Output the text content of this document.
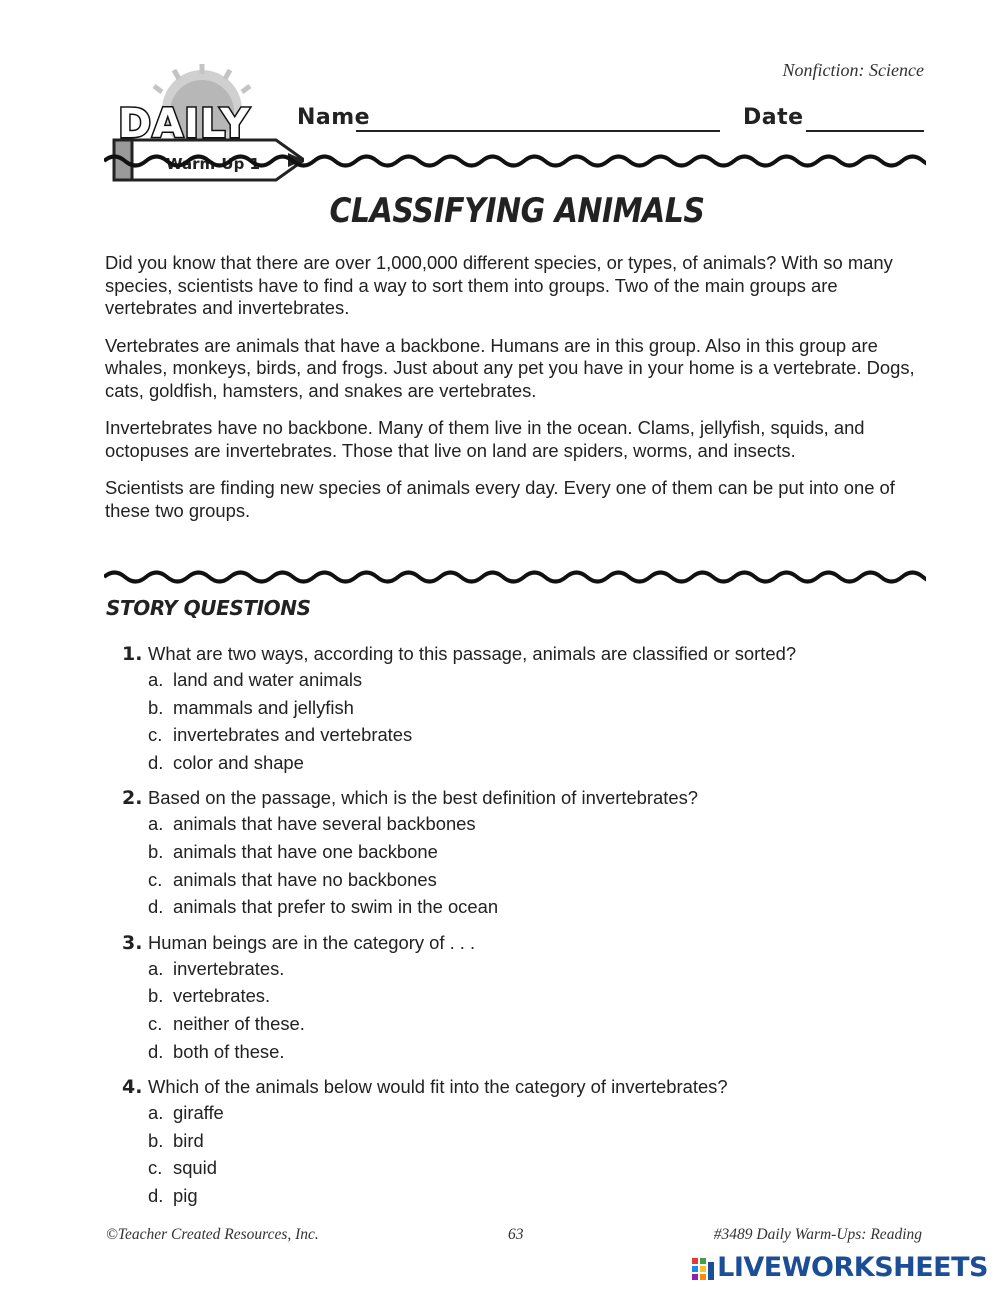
Nonfiction: Science
DAILY
Warm-Up 1
Name	Date
CLASSIFYING ANIMALS

Did you know that there are over 1,000,000 different species, or types, of animals? With so many species, scientists have to find a way to sort them into groups. Two of the main groups are vertebrates and invertebrates.

Vertebrates are animals that have a backbone. Humans are in this group. Also in this group are whales, monkeys, birds, and frogs. Just about any pet you have in your home is a vertebrate. Dogs, cats, goldfish, hamsters, and snakes are vertebrates.

Invertebrates have no backbone. Many of them live in the ocean. Clams, jellyfish, squids, and octopuses are invertebrates. Those that live on land are spiders, worms, and insects.

Scientists are finding new species of animals every day. Every one of them can be put into one of these two groups.

STORY QUESTIONS
1. What are two ways, according to this passage, animals are classified or sorted?
a. land and water animals
b. mammals and jellyfish
c. invertebrates and vertebrates
d. color and shape
2. Based on the passage, which is the best definition of invertebrates?
a. animals that have several backbones
b. animals that have one backbone
c. animals that have no backbones
d. animals that prefer to swim in the ocean
3. Human beings are in the category of . . .
a. invertebrates.
b. vertebrates.
c. neither of these.
d. both of these.
4. Which of the animals below would fit into the category of invertebrates?
a. giraffe
b. bird
c. squid
d. pig
©Teacher Created Resources, Inc.	63	#3489 Daily Warm-Ups: Reading
LIVEWORKSHEETS
